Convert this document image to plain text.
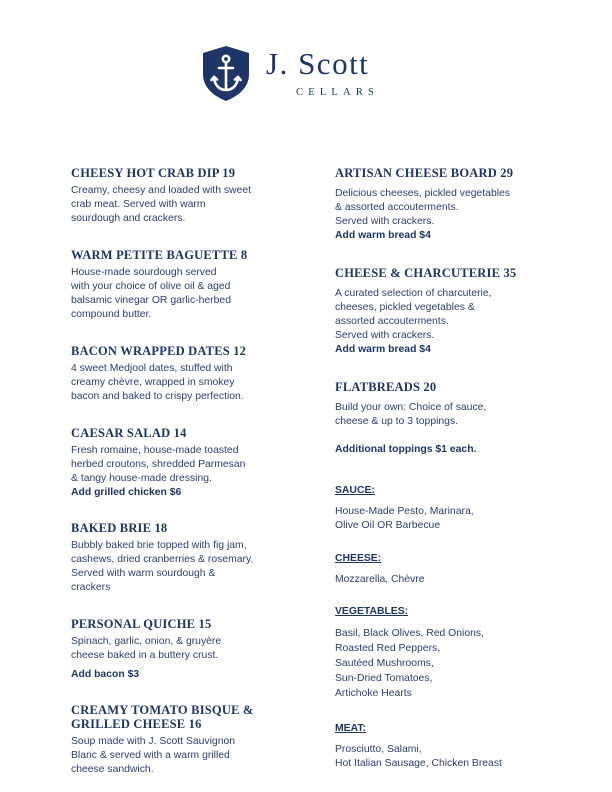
J. Scott
CELLARS

CHEESY HOT CRAB DIP 19

Creamy, cheesy and loaded with sweet
crab meat. Served with warm
sourdough and crackers.

WARM PETITE BAGUETTE 8

House-made sourdough served
with your choice of olive oil & aged
balsamic vinegar OR garlic-herbed
compound butter.

BACON WRAPPED DATES 12

4 sweet Medjool dates, stuffed with
creamy chèvre, wrapped in smokey
bacon and baked to crispy perfection.

CAESAR SALAD 14

Fresh romaine, house-made toasted
herbed croutons, shredded Parmesan
& tangy house-made dressing.

Add grilled chicken $6

BAKED BRIE 18

Bubbly baked brie topped with fig jam,
cashews, dried cranberries & rosemary.
Served with warm sourdough &
crackers

PERSONAL QUICHE 15

Spinach, garlic, onion, & gruyère
cheese baked in a buttery crust.

Add bacon $3

CREAMY TOMATO BISQUE &
GRILLED CHEESE 16

Soup made with J. Scott Sauvignon
Blanc & served with a warm grilled
cheese sandwich.

ARTISAN CHEESE BOARD 29

Delicious cheeses, pickled vegetables
& assorted accouterments.
Served with crackers.

Add warm bread $4

CHEESE & CHARCUTERIE 35

A curated selection of charcuterie,
cheeses, pickled vegetables &
assorted accouterments.
Served with crackers.

Add warm bread $4

FLATBREADS 20

Build your own: Choice of sauce,
cheese & up to 3 toppings.

Additional toppings $1 each.

SAUCE:

House-Made Pesto, Marinara,
Olive Oil OR Barbecue

CHEESE:

Mozzarella, Chèvre

VEGETABLES:

Basil, Black Olives, Red Onions,
Roasted Red Peppers,
Sautéed Mushrooms,
Sun-Dried Tomatoes,
Artichoke Hearts

MEAT:

Prosciutto, Salami,
Hot Italian Sausage, Chicken Breast
